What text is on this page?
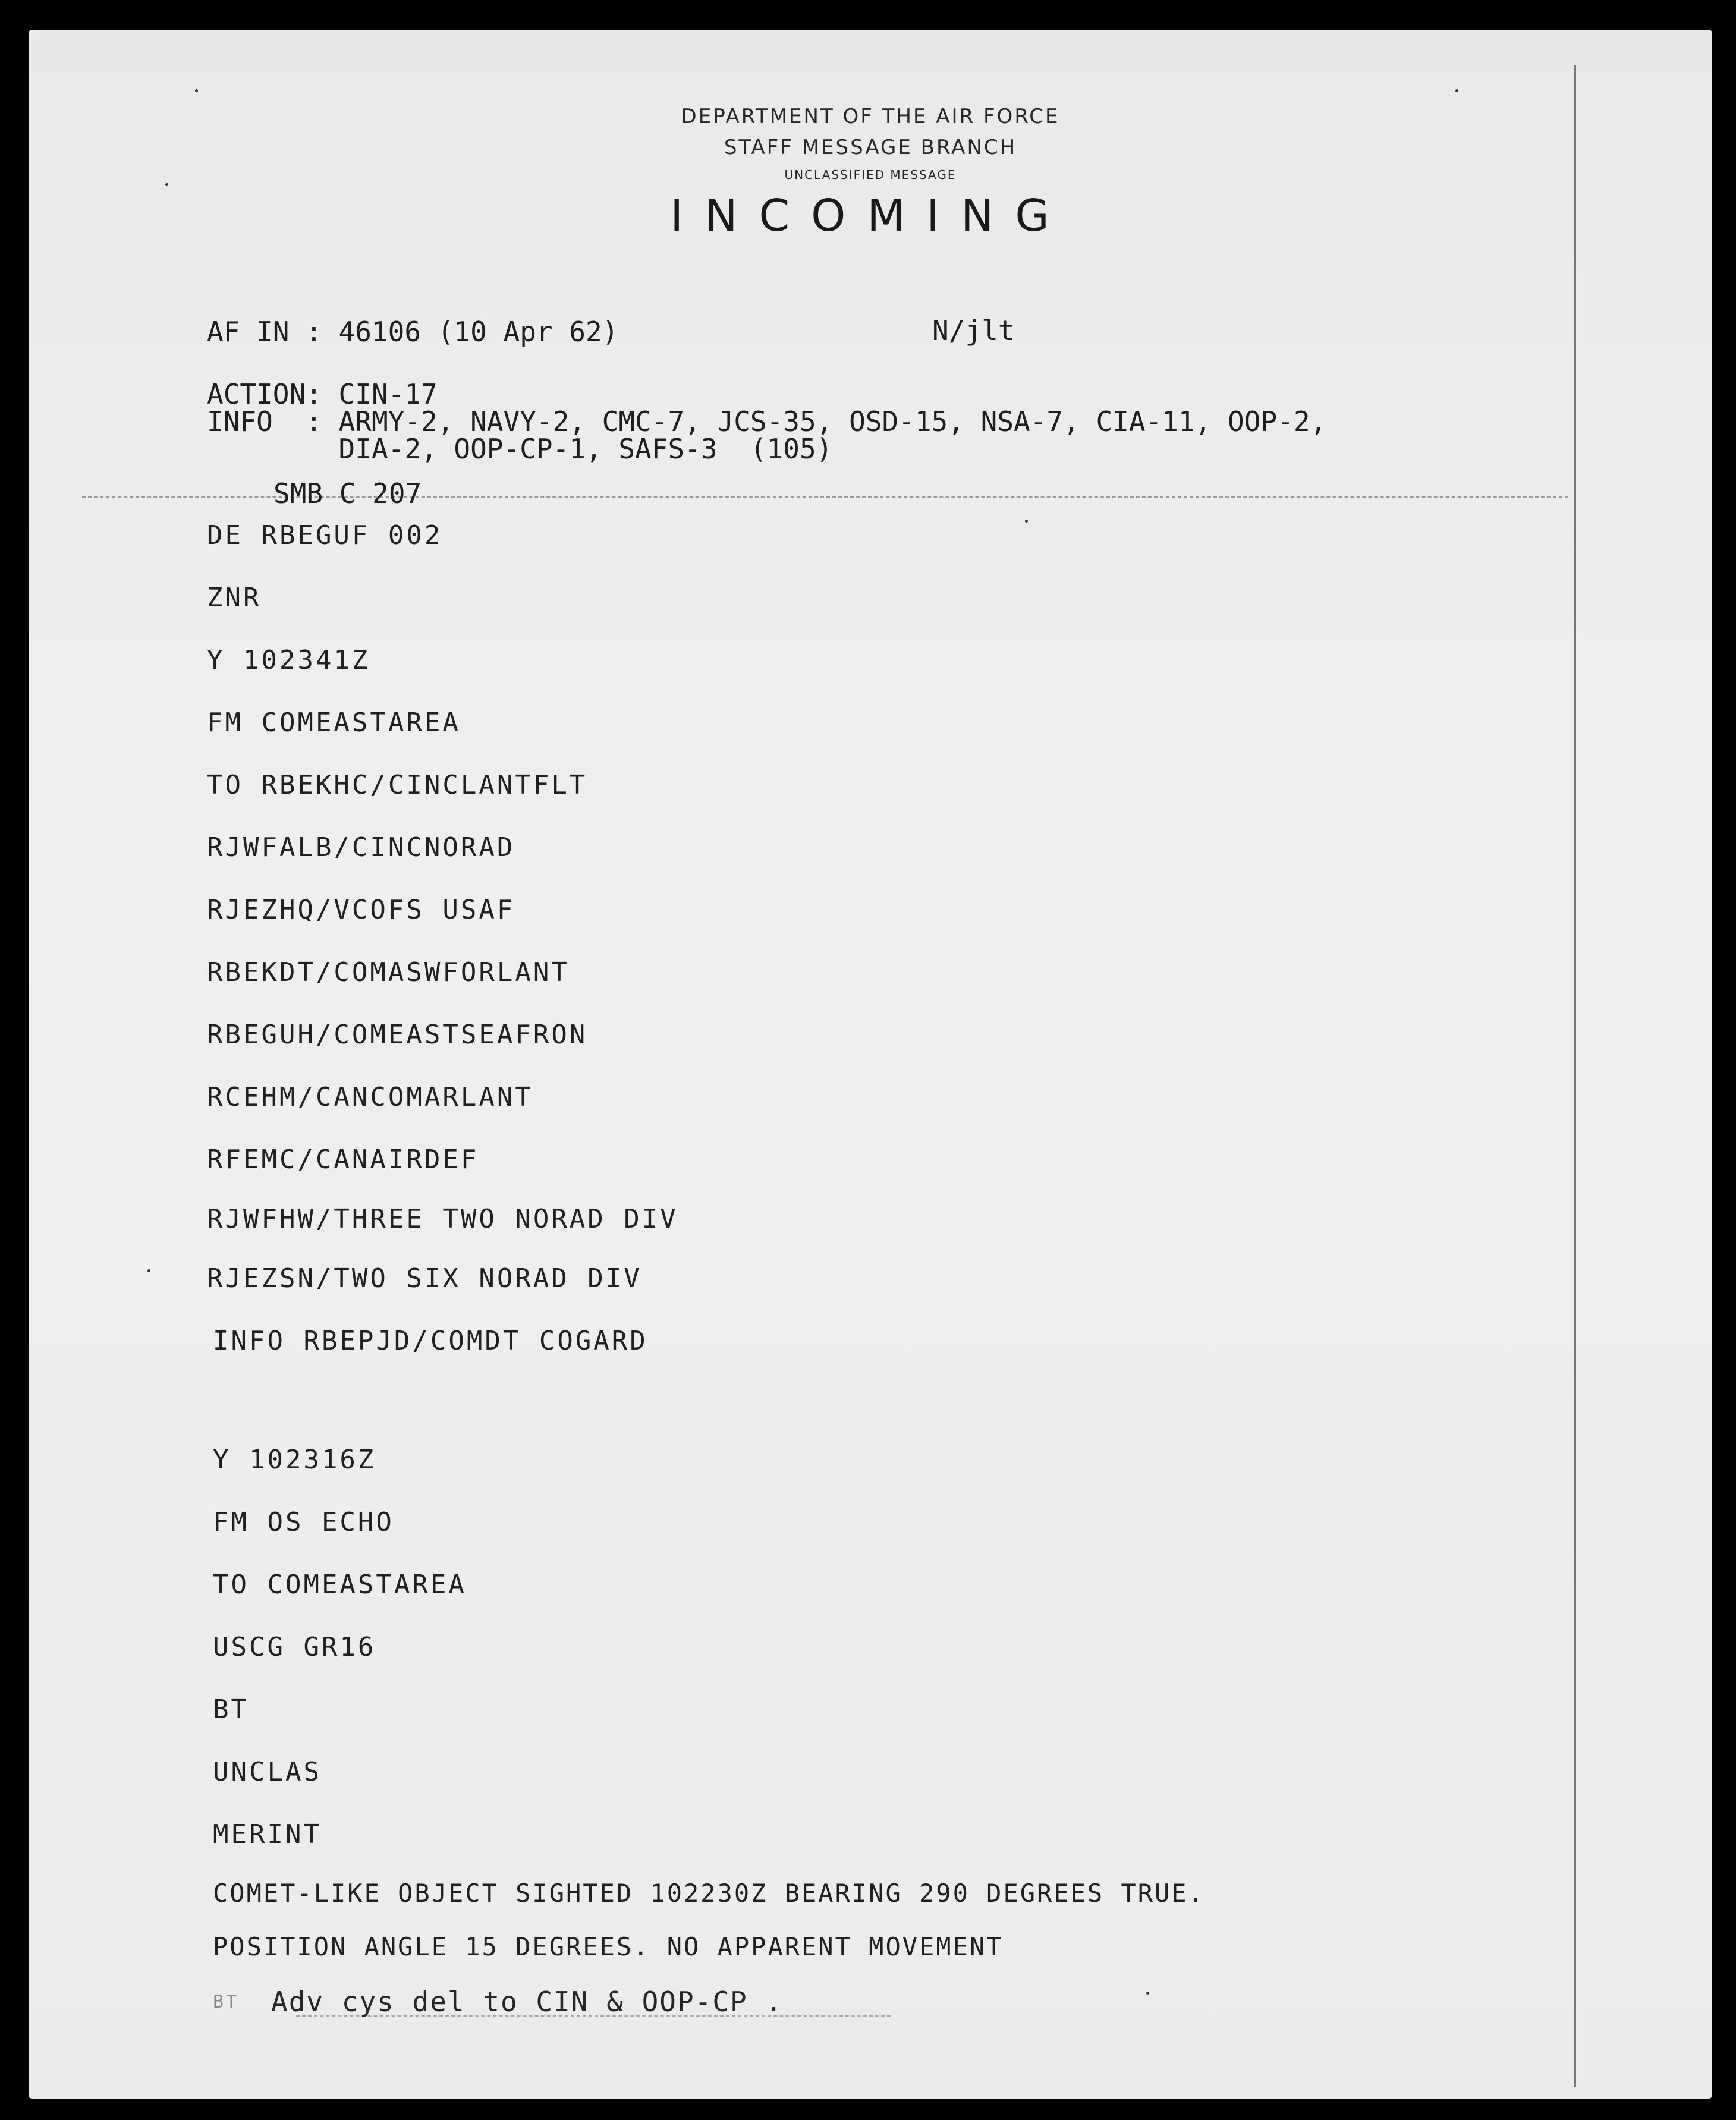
DEPARTMENT OF THE AIR FORCE

STAFF MESSAGE BRANCH

UNCLASSIFIED MESSAGE

INCOMING

AF IN : 46106 (10 Apr 62)	N/jlt
ACTION: CIN-17
INFO  : ARMY-2, NAVY-2, CMC-7, JCS-35, OSD-15, NSA-7, CIA-11, OOP-2,
DIA-2, OOP-CP-1, SAFS-3  (105)
SMB C 207
DE RBEGUF 002
ZNR
Y 102341Z
FM COMEASTAREA
TO RBEKHC/CINCLANTFLT
RJWFALB/CINCNORAD
RJEZHQ/VCOFS USAF
RBEKDT/COMASWFORLANT
RBEGUH/COMEASTSEAFRON
RCEHM/CANCOMARLANT
RFEMC/CANAIRDEF
RJWFHW/THREE TWO NORAD DIV
RJEZSN/TWO SIX NORAD DIV
INFO RBEPJD/COMDT COGARD
Y 102316Z
FM OS ECHO
TO COMEASTAREA
USCG GR16
BT
UNCLAS
MERINT
COMET-LIKE OBJECT SIGHTED 102230Z BEARING 290 DEGREES TRUE.
POSITION ANGLE 15 DEGREES. NO APPARENT MOVEMENT
BT Adv cys del to CIN & OOP-CP .
